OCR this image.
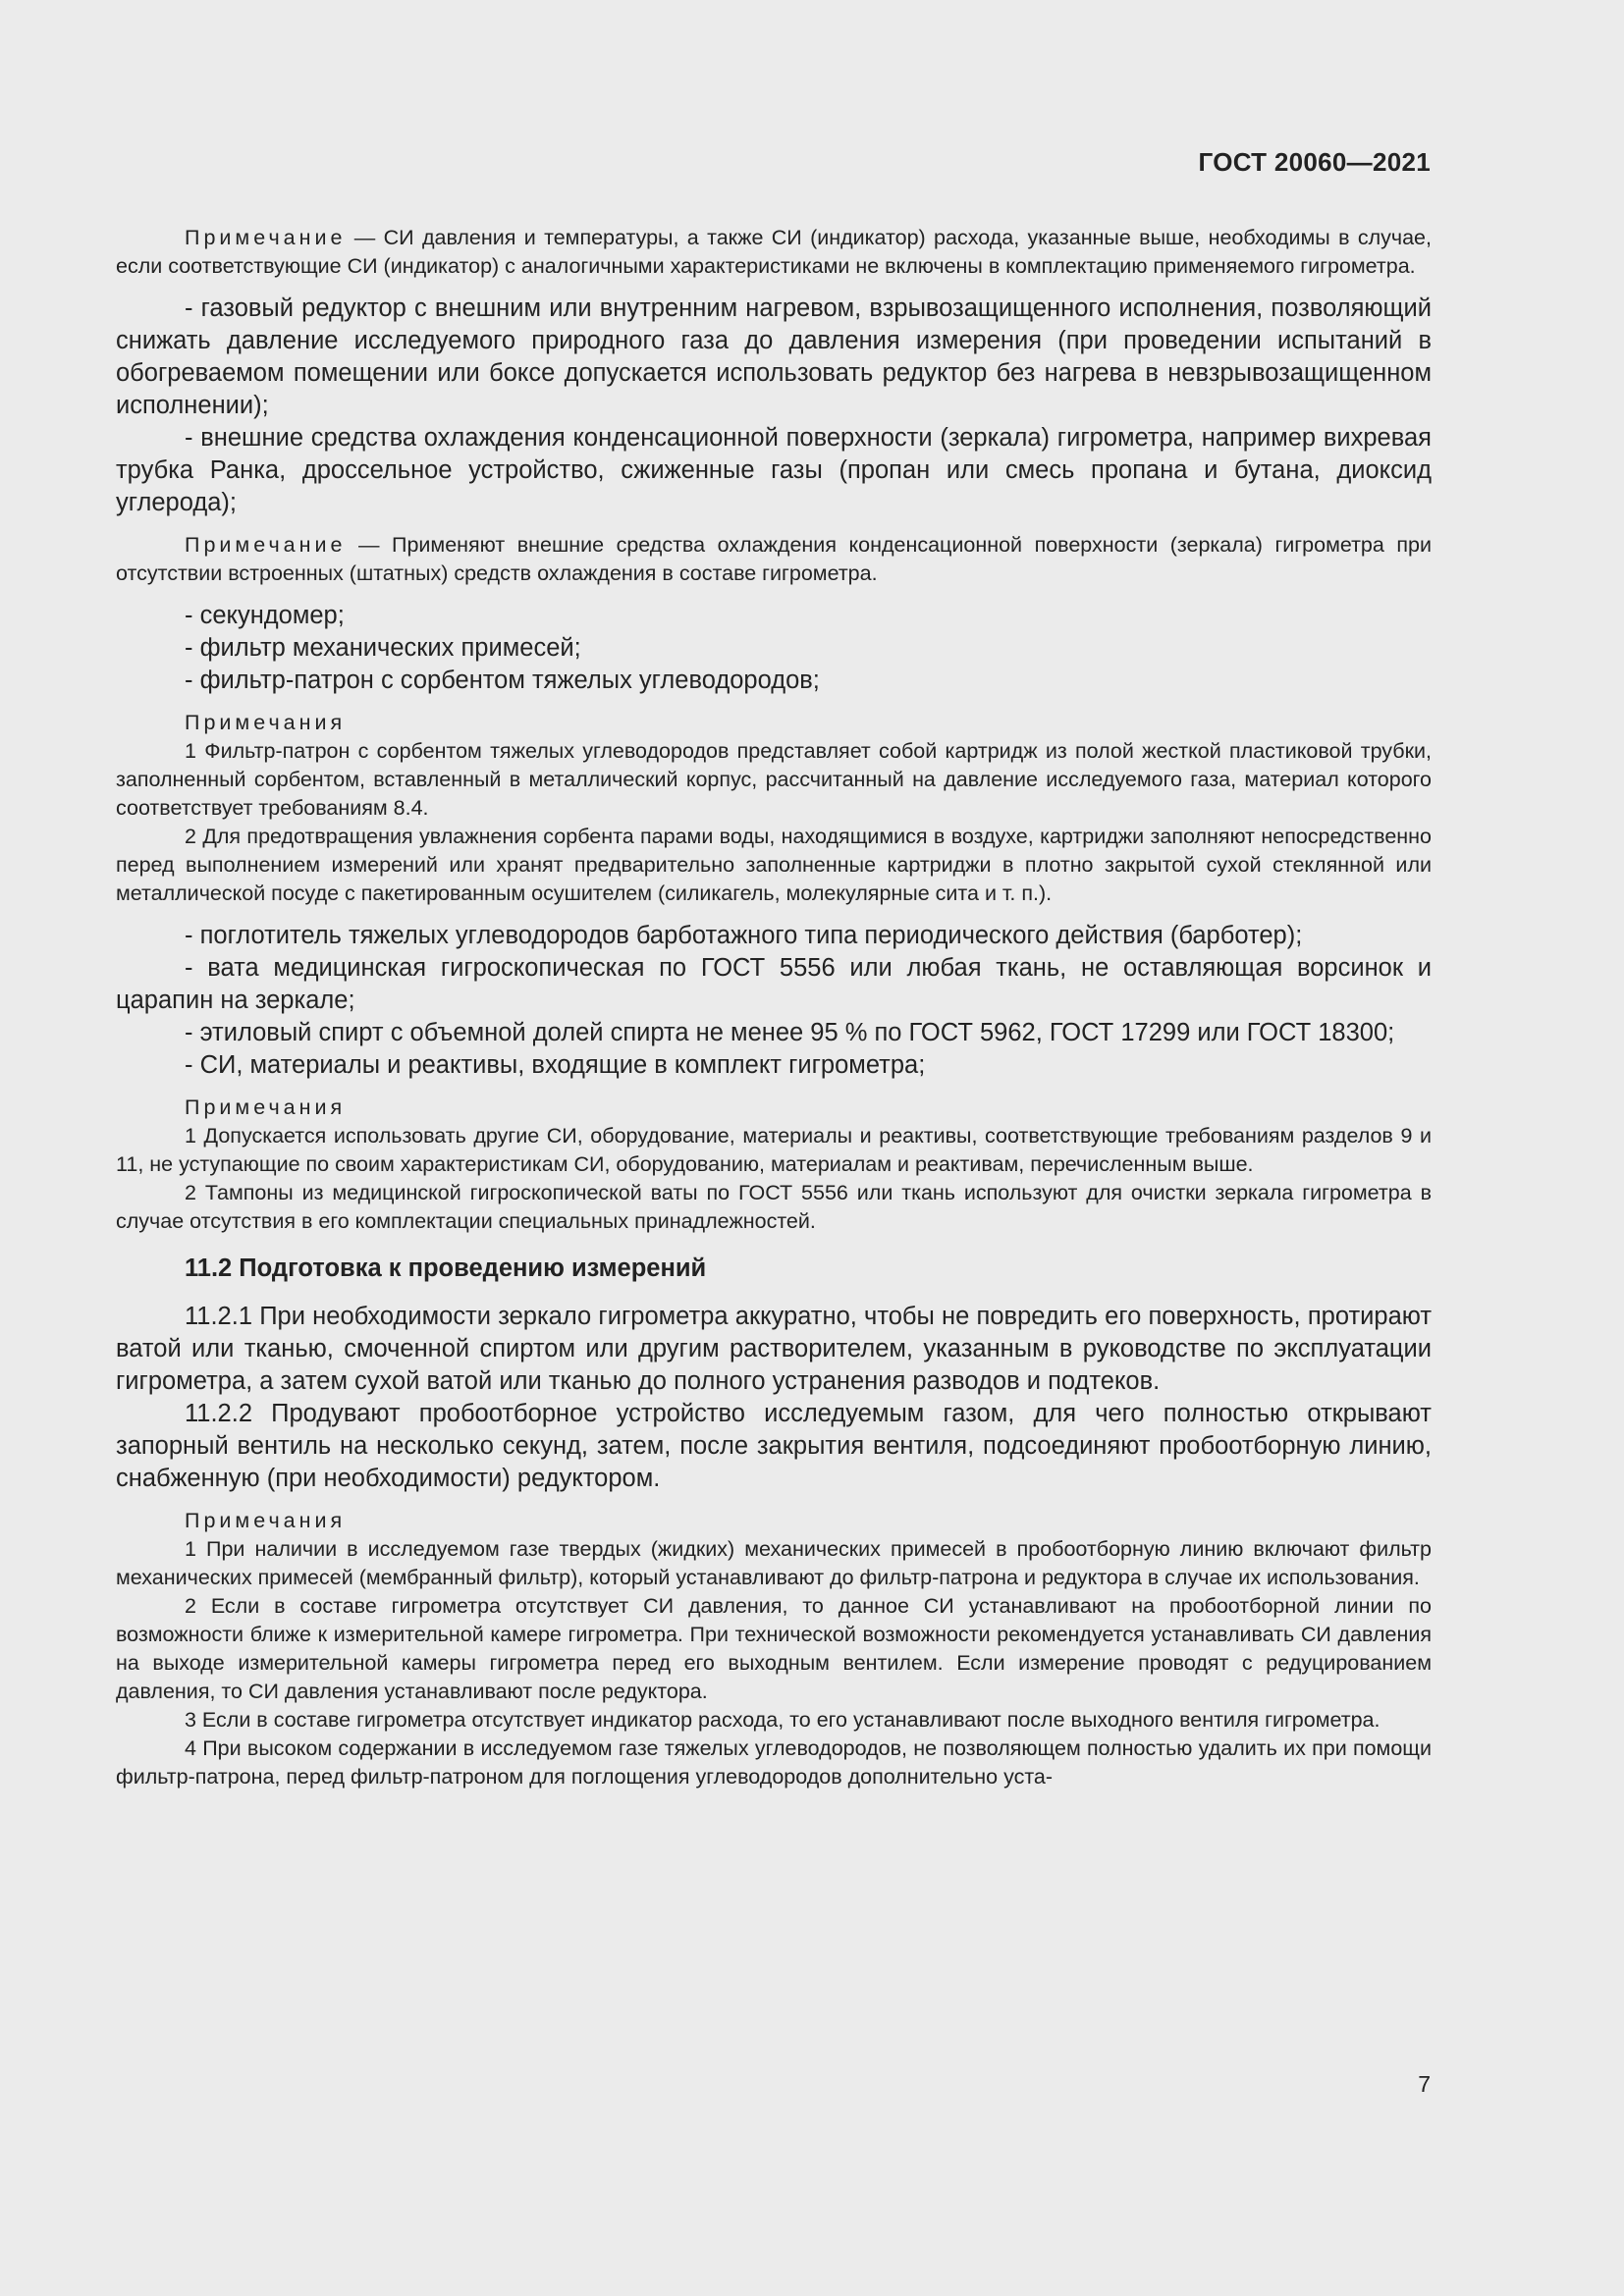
ГОСТ 20060—2021

Примечание — СИ давления и температуры, а также СИ (индикатор) расхода, указанные выше, необходимы в случае, если соответствующие СИ (индикатор) с аналогичными характеристиками не включены в комплектацию применяемого гигрометра.

- газовый редуктор с внешним или внутренним нагревом, взрывозащищенного исполнения, позволяющий снижать давление исследуемого природного газа до давления измерения (при проведении испытаний в обогреваемом помещении или боксе допускается использовать редуктор без нагрева в невзрывозащищенном исполнении);

- внешние средства охлаждения конденсационной поверхности (зеркала) гигрометра, например вихревая трубка Ранка, дроссельное устройство, сжиженные газы (пропан или смесь пропана и бутана, диоксид углерода);

Примечание — Применяют внешние средства охлаждения конденсационной поверхности (зеркала) гигрометра при отсутствии встроенных (штатных) средств охлаждения в составе гигрометра.

- секундомер;

- фильтр механических примесей;

- фильтр-патрон с сорбентом тяжелых углеводородов;

Примечания

1 Фильтр-патрон с сорбентом тяжелых углеводородов представляет собой картридж из полой жесткой пластиковой трубки, заполненный сорбентом, вставленный в металлический корпус, рассчитанный на давление исследуемого газа, материал которого соответствует требованиям 8.4.

2 Для предотвращения увлажнения сорбента парами воды, находящимися в воздухе, картриджи заполняют непосредственно перед выполнением измерений или хранят предварительно заполненные картриджи в плотно закрытой сухой стеклянной или металлической посуде с пакетированным осушителем (силикагель, молекулярные сита и т. п.).

- поглотитель тяжелых углеводородов барботажного типа периодического действия (барботер);

- вата медицинская гигроскопическая по ГОСТ 5556 или любая ткань, не оставляющая ворсинок и царапин на зеркале;

- этиловый спирт с объемной долей спирта не менее 95 % по ГОСТ 5962, ГОСТ 17299 или ГОСТ 18300;

- СИ, материалы и реактивы, входящие в комплект гигрометра;

Примечания

1 Допускается использовать другие СИ, оборудование, материалы и реактивы, соответствующие требованиям разделов 9 и 11, не уступающие по своим характеристикам СИ, оборудованию, материалам и реактивам, перечисленным выше.

2 Тампоны из медицинской гигроскопической ваты по ГОСТ 5556 или ткань используют для очистки зеркала гигрометра в случае отсутствия в его комплектации специальных принадлежностей.

11.2 Подготовка к проведению измерений

11.2.1 При необходимости зеркало гигрометра аккуратно, чтобы не повредить его поверхность, протирают ватой или тканью, смоченной спиртом или другим растворителем, указанным в руководстве по эксплуатации гигрометра, а затем сухой ватой или тканью до полного устранения разводов и подтеков.

11.2.2 Продувают пробоотборное устройство исследуемым газом, для чего полностью открывают запорный вентиль на несколько секунд, затем, после закрытия вентиля, подсоединяют пробоотборную линию, снабженную (при необходимости) редуктором.

Примечания

1 При наличии в исследуемом газе твердых (жидких) механических примесей в пробоотборную линию включают фильтр механических примесей (мембранный фильтр), который устанавливают до фильтр-патрона и редуктора в случае их использования.

2 Если в составе гигрометра отсутствует СИ давления, то данное СИ устанавливают на пробоотборной линии по возможности ближе к измерительной камере гигрометра. При технической возможности рекомендуется устанавливать СИ давления на выходе измерительной камеры гигрометра перед его выходным вентилем. Если измерение проводят с редуцированием давления, то СИ давления устанавливают после редуктора.

3 Если в составе гигрометра отсутствует индикатор расхода, то его устанавливают после выходного вентиля гигрометра.

4 При высоком содержании в исследуемом газе тяжелых углеводородов, не позволяющем полностью удалить их при помощи фильтр-патрона, перед фильтр-патроном для поглощения углеводородов дополнительно уста-

7
